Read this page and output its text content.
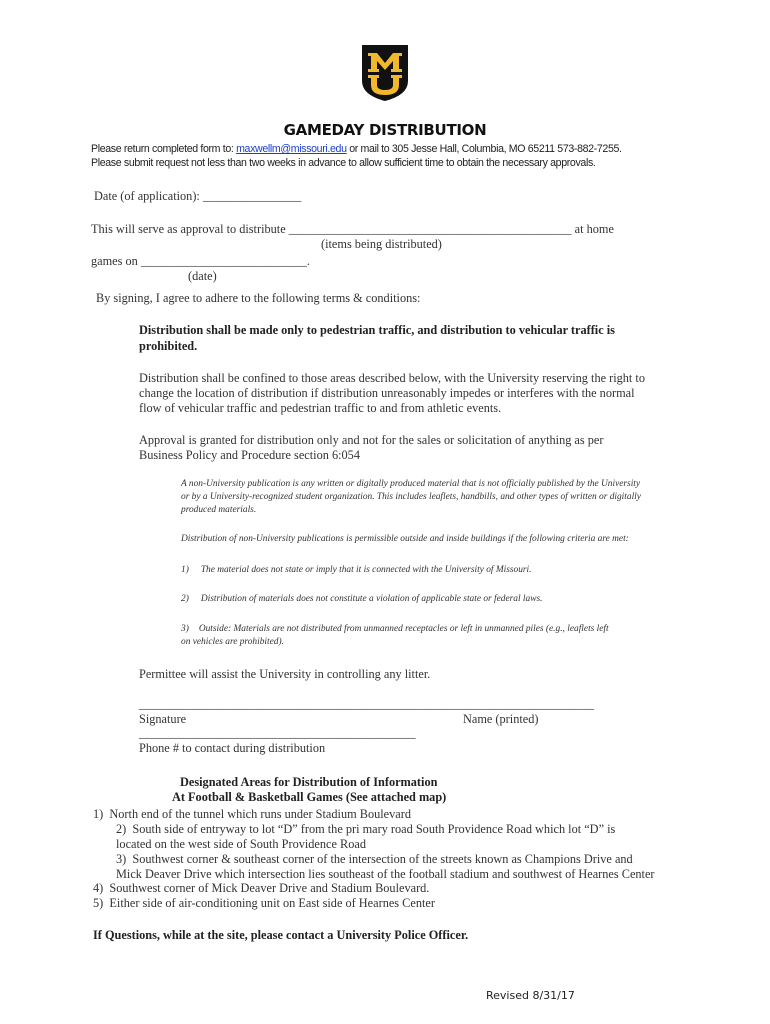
GAMEDAY DISTRIBUTION
Please return completed form to: maxwellm@missouri.edu or mail to 305 Jesse Hall, Columbia, MO 65211 573-882-7255.
Please submit request not less than two weeks in advance to allow sufficient time to obtain the necessary approvals.
Date (of application): ________________
This will serve as approval to distribute ______________________________________________ at home
(items being distributed)
games on ___________________________.
(date)
By signing, I agree to adhere to the following terms & conditions:
Distribution shall be made only to pedestrian traffic, and distribution to vehicular traffic is
prohibited.
Distribution shall be confined to those areas described below, with the University reserving the right to
change the location of distribution if distribution unreasonably impedes or interferes with the normal
flow of vehicular traffic and pedestrian traffic to and from athletic events.
Approval is granted for distribution only and not for the sales or solicitation of anything as per
Business Policy and Procedure section 6:054
A non-University publication is any written or digitally produced material that is not officially published by the University
or by a University-recognized student organization. This includes leaflets, handbills, and other types of written or digitally
produced materials.
Distribution of non-University publications is permissible outside and inside buildings if the following criteria are met:
1) The material does not state or imply that it is connected with the University of Missouri.
2) Distribution of materials does not constitute a violation of applicable state or federal laws.
3) Outside: Materials are not distributed from unmanned receptacles or left in unmanned piles (e.g., leaflets left
on vehicles are prohibited).
Permittee will assist the University in controlling any litter.
__________________________________________________________________________
Signature	Name (printed)
_____________________________________________
Phone # to contact during distribution
Designated Areas for Distribution of Information
At Football & Basketball Games (See attached map)
1) North end of the tunnel which runs under Stadium Boulevard
2) South side of entryway to lot “D” from the pri mary road South Providence Road which lot “D” is
located on the west side of South Providence Road
3) Southwest corner & southeast corner of the intersection of the streets known as Champions Drive and
Mick Deaver Drive which intersection lies southeast of the football stadium and southwest of Hearnes Center
4) Southwest corner of Mick Deaver Drive and Stadium Boulevard.
5) Either side of air-conditioning unit on East side of Hearnes Center
If Questions, while at the site, please contact a University Police Officer.
Revised 8/31/17
